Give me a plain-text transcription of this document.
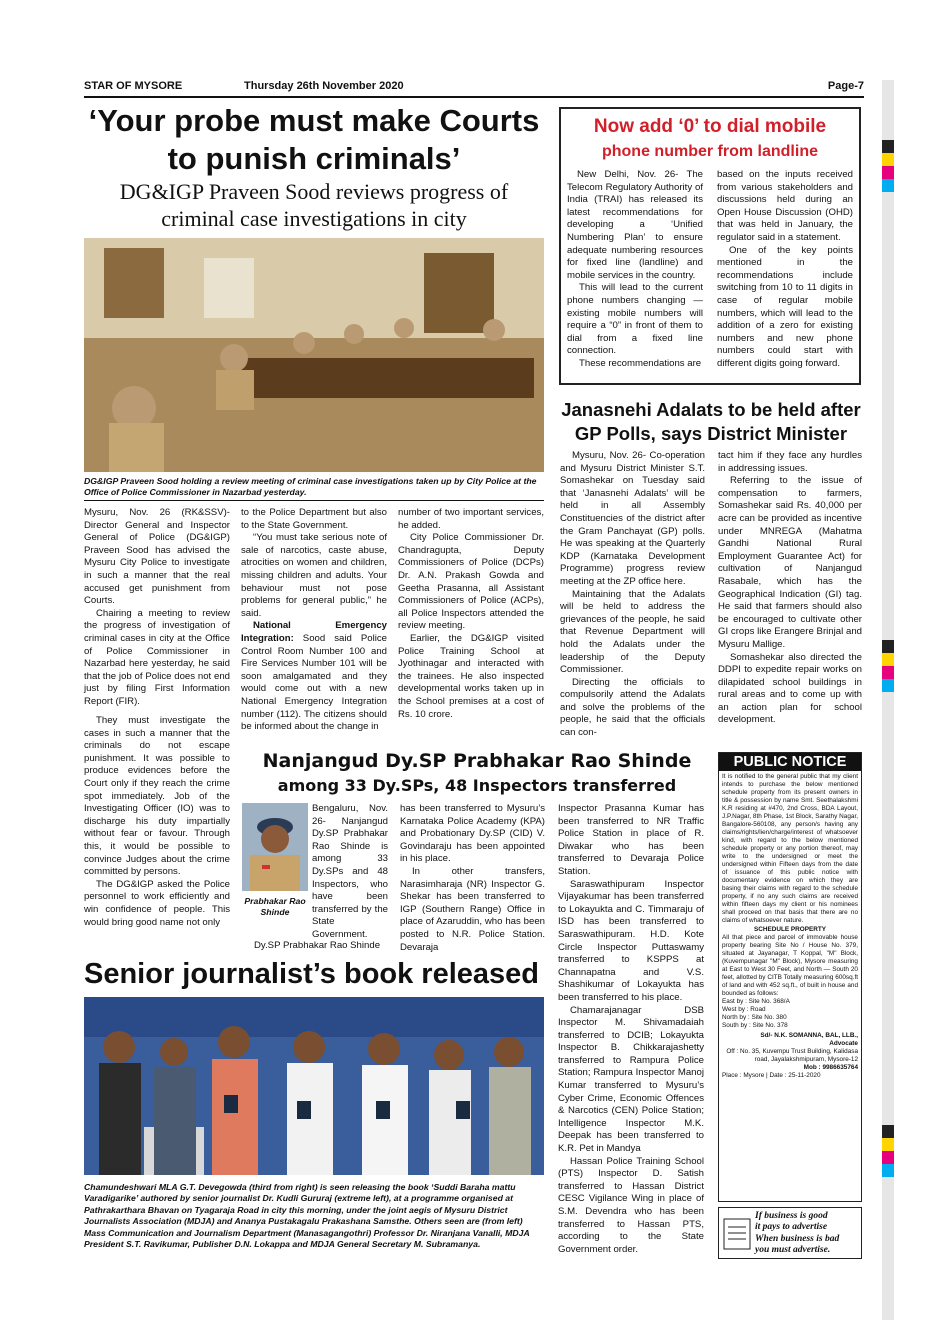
STAR OF MYSORE	Thursday 26th November 2020	Page-7
‘Your probe must make Courts to punish criminals’
DG&IGP Praveen Sood reviews progress of criminal case investigations in city

DG&IGP Praveen Sood holding a review meeting of criminal case investigations taken up by City Police at the Office of Police Commissioner in Nazarbad yesterday.

Mysuru, Nov. 26 (RK&SSV)- Director General and Inspector General of Police (DG&IGP) Praveen Sood has advised the Mysuru City Police to investigate in such a manner that the real accused get punishment from Courts.

Chairing a meeting to review the progress of investigation of criminal cases in city at the Office of Police Commissioner in Nazarbad here yesterday, he said that the job of Police does not end just by filing First Information Report (FIR).

They must investigate the cases in such a manner that the criminals do not escape punishment. It was possible to produce evidences before the Court only if they reach the crime spot immediately. Job of the Investigating Officer (IO) was to discharge his duty impartially without fear or favour. Through this, it would be possible to convince Judges about the crime committed by persons.

The DG&IGP asked the Police personnel to work efficiently and win confidence of people. This would bring good name not only

to the Police Department but also to the State Government.

“You must take serious note of sale of narcotics, caste abuse, atrocities on women and children, missing children and adults. Your behaviour must not pose problems for general public,” he said.

National Emergency Integration: Sood said Police Control Room Number 100 and Fire Services Number 101 will be soon amalgamated and they would come out with a new National Emergency Integration number (112). The citizens should be informed about the change in

number of two important services, he added.

City Police Commissioner Dr. Chandragupta, Deputy Commissioners of Police (DCPs) Dr. A.N. Prakash Gowda and Geetha Prasanna, all Assistant Commissioners of Police (ACPs), all Police Inspectors attended the review meeting.

Earlier, the DG&IGP visited Police Training School at Jyothinagar and interacted with the trainees. He also inspected developmental works taken up in the School premises at a cost of Rs. 10 crore.

Now add ‘0’ to dial mobile
phone number from landline

New Delhi, Nov. 26- The Telecom Regulatory Authority of India (TRAI) has released its latest recommendations for developing a ‘Unified Numbering Plan’ to ensure adequate numbering resources for fixed line (landline) and mobile services in the country.

This will lead to the current phone numbers changing — existing mobile numbers will require a “0” in front of them to dial from a fixed line connection.

These recommendations are

based on the inputs received from various stakeholders and discussions held during an Open House Discussion (OHD) that was held in January, the regulator said in a statement.

One of the key points mentioned in the recommendations include switching from 10 to 11 digits in case of regular mobile numbers, which will lead to the addition of a zero for existing numbers and new phone numbers could start with different digits going forward.

Janasnehi Adalats to be held after GP Polls, says District Minister

Mysuru, Nov. 26- Co-operation and Mysuru District Minister S.T. Somashekar on Tuesday said that ‘Janasnehi Adalats’ will be held in all Assembly Constituencies of the district after the Gram Panchayat (GP) polls. He was speaking at the Quarterly KDP (Karnataka Development Programme) progress review meeting at the ZP office here.

Maintaining that the Adalats will be held to address the grievances of the people, he said that Revenue Department will hold the Adalats under the leadership of the Deputy Commissioner.

Directing the officials to compulsorily attend the Adalats and solve the problems of the people, he said that the officials can con-

tact him if they face any hurdles in addressing issues.

Referring to the issue of compensation to farmers, Somashekar said Rs. 40,000 per acre can be provided as incentive under MNREGA (Mahatma Gandhi National Rural Employment Guarantee Act) for cultivation of Nanjangud Rasabale, which has the Geographical Indication (GI) tag. He said that farmers should also be encouraged to cultivate other GI crops like Erangere Brinjal and Mysuru Mallige.

Somashekar also directed the DDPI to expedite repair works on dilapidated school buildings in rural areas and to come up with an action plan for school development.

Nanjangud Dy.SP Prabhakar Rao Shinde
among 33 Dy.SPs, 48 Inspectors transferred

Prabhakar Rao Shinde

Bengaluru, Nov. 26- Nanjangud Dy.SP Prabhakar Rao Shinde is among 33 Dy.SPs and 48 Inspectors, who have been transferred by the State Government.

Dy.SP Prabhakar Rao Shinde

has been transferred to Mysuru’s Karnataka Police Academy (KPA) and Probationary Dy.SP (CID) V. Govindaraju has been appointed in his place.

In other transfers, Narasimharaja (NR) Inspector G. Shekar has been transferred to IGP (Southern Range) Office in place of Azaruddin, who has been posted to N.R. Police Station. Devaraja

Inspector Prasanna Kumar has been transferred to NR Traffic Police Station in place of R. Diwakar who has been transferred to Devaraja Police Station.

Saraswathipuram Inspector Vijayakumar has been transferred to Lokayukta and C. Timmaraju of ISD has been transferred to Saraswathipuram. H.D. Kote Circle Inspector Puttaswamy transferred to KSPPS at Channapatna and V.S. Shashikumar of Lokayukta has been transferred to his place.

Chamarajanagar DSB Inspector M. Shivamadaiah transferred to DCIB; Lokayukta Inspector B. Chikkarajashetty transferred to Rampura Police Station; Rampura Inspector Manoj Kumar transferred to Mysuru’s Cyber Crime, Economic Offences & Narcotics (CEN) Police Station; Intelligence Inspector M.K. Deepak has been transferred to K.R. Pet in Mandya

Hassan Police Training School (PTS) Inspector D. Satish transferred to Hassan District CESC Vigilance Wing in place of S.M. Devendra who has been transferred to Hassan PTS, according to the State Government order.

Senior journalist’s book released

Chamundeshwari MLA G.T. Devegowda (third from right) is seen releasing the book ‘Suddi Baraha mattu Varadigarike’ authored by senior journalist Dr. Kudli Gururaj (extreme left), at a programme organised at Pathrakarthara Bhavan on Tyagaraja Road in city this morning, under the joint aegis of Mysuru District Journalists Association (MDJA) and Ananya Pustakagalu Prakashana Samsthe. Others seen are (from left) Mass Communication and Journalism Department (Manasagangothri) Professor Dr. Niranjana Vanalli, MDJA President S.T. Ravikumar, Publisher D.N. Lokappa and MDJA General Secretary M. Subramanya.

PUBLIC NOTICE
It is notified to the general public that my client intends to purchase the below mentioned schedule property from its present owners in title & possession by name Smt. Seethalakshmi K.R residing at #470, 2nd Cross, BDA Layout, J.P.Nagar, 8th Phase, 1st Block, Sarathy Nagar, Bangalore-560108, any person/s having any claims/rights/lien/charge/interest of whatsoever kind, with regard to the below mentioned schedule property or any portion thereof, may write to the undersigned or meet the undersigned within Fifteen days from the date of issuance of this public notice with documentary evidence on which they are basing their claims with regard to the schedule property, if no any such claims are received within fifteen days my client or his nominees shall proceed on that basis that there are no claims of whatsoever nature.
SCHEDULE PROPERTY
All that piece and parcel of immovable house property bearing Site No / House No. 379, situated at Jayanagar, T Koppal, "M" Block, (Kuvempunagar "M" Block), Mysore measuring at East to West 30 Feet, and North — South 20 feet, allotted by CITB Totally measuring 600sq.ft of land and with 452 sq.ft., of built in house and bounded as follows:
East by : Site No. 368/A
West by : Road
North by : Site No. 380
South by : Site No. 378
Sd/- N.K. SOMANNA, BAL, LLB.,
Advocate
Off : No. 35, Kuvempu Trust Building, Kalidasa road, Jayalakshmipuram, Mysore-12
Mob : 9986635764
Place : Mysore | Date : 25-11-2020
If business is good
it pays to advertise
When business is bad
you must advertise.
